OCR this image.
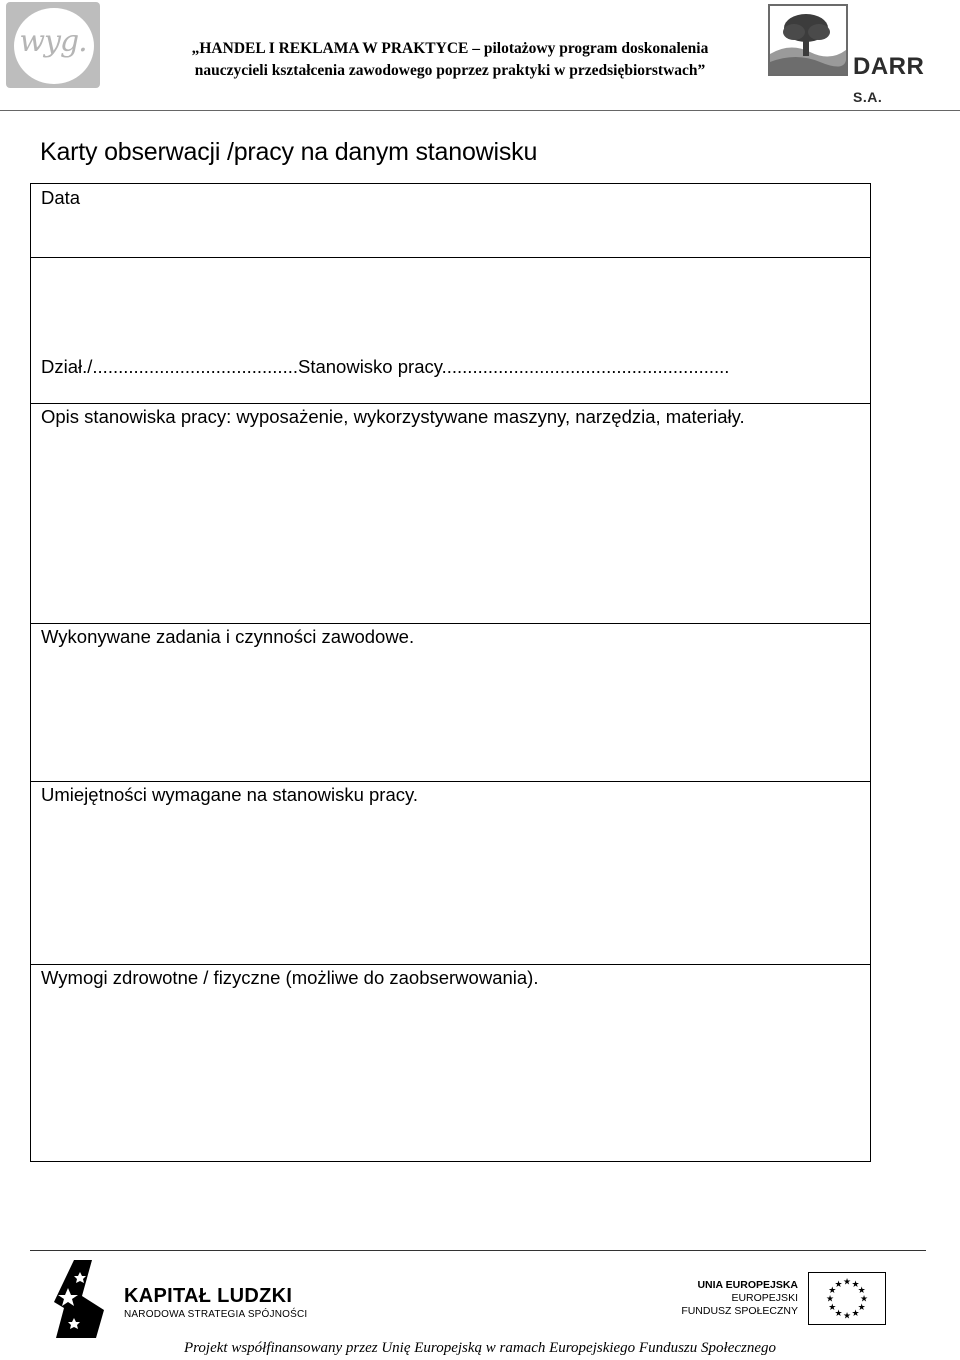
wyg.	„HANDEL I REKLAMA W PRAKTYCE – pilotażowy program doskonalenia
nauczycieli kształcenia zawodowego poprzez praktyki w przedsiębiorstwach”	DARR S.A.
Karty obserwacji /pracy na danym stanowisku
Data
Dział./........................................Stanowisko pracy........................................................
Opis stanowiska pracy: wyposażenie, wykorzystywane maszyny, narzędzia, materiały.
Wykonywane zadania i czynności zawodowe.
Umiejętności wymagane na stanowisku pracy.
Wymogi zdrowotne / fizyczne (możliwe do zaobserwowania).
KAPITAŁ LUDZKI
NARODOWA STRATEGIA SPÓJNOŚCI
UNIA EUROPEJSKA
EUROPEJSKI
FUNDUSZ SPOŁECZNY
★ ★
★
★
★
★
★
★
★
★
★
★
Projekt współfinansowany przez Unię Europejską w ramach Europejskiego Funduszu Społecznego
